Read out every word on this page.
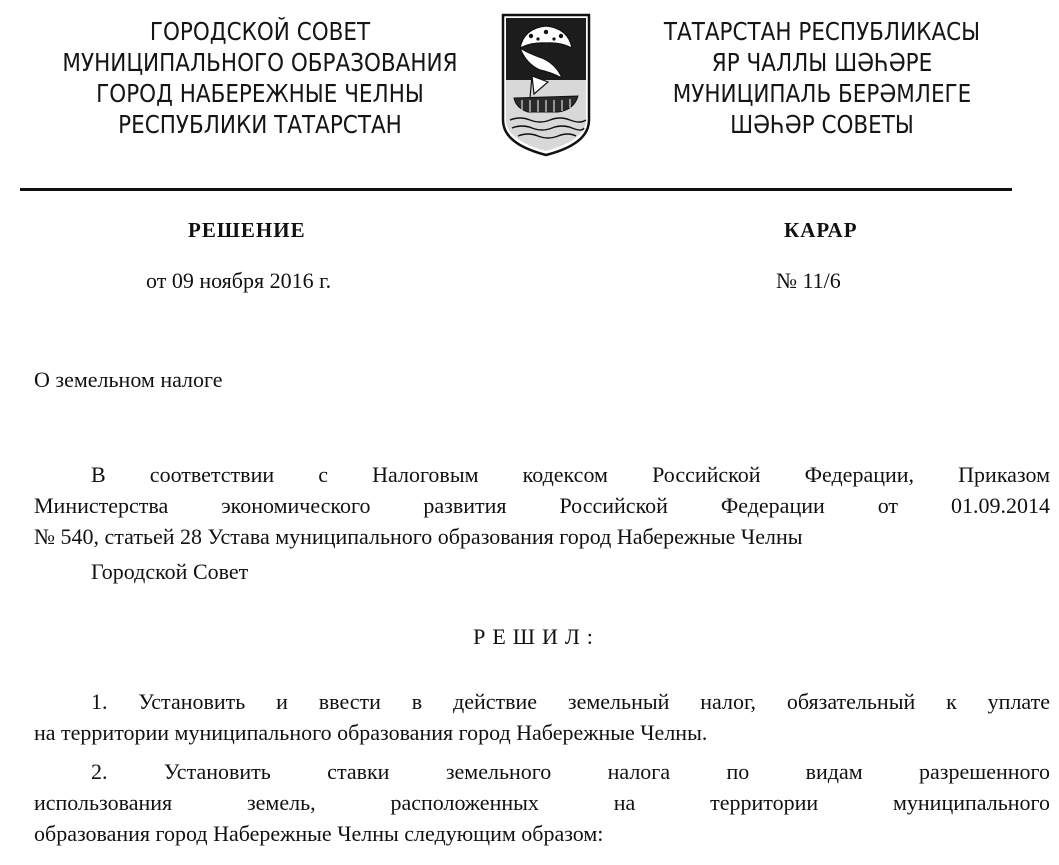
ГОРОДСКОЙ СОВЕТ
МУНИЦИПАЛЬНОГО ОБРАЗОВАНИЯ
ГОРОД НАБЕРЕЖНЫЕ ЧЕЛНЫ
РЕСПУБЛИКИ ТАТАРСТАН
ТАТАРСТАН РЕСПУБЛИКАСЫ
ЯР ЧАЛЛЫ ШӘҺӘРЕ
МУНИЦИПАЛЬ БЕРӘМЛЕГЕ
ШӘҺӘР СОВЕТЫ
РЕШЕНИЕ	КАРАР
от 09 ноября 2016 г.	№ 11/6
О земельном налоге
В соответствии с Налоговым кодексом Российской Федерации, Приказом
Министерства экономического развития Российской Федерации от 01.09.2014
№ 540, статьей 28 Устава муниципального образования город Набережные Челны
Городской Совет
РЕШИЛ:
1. Установить и ввести в действие земельный налог, обязательный к уплате
на территории муниципального образования город Набережные Челны.
2. Установить ставки земельного налога по видам разрешенного
использования земель, расположенных на территории муниципального
образования город Набережные Челны следующим образом:
